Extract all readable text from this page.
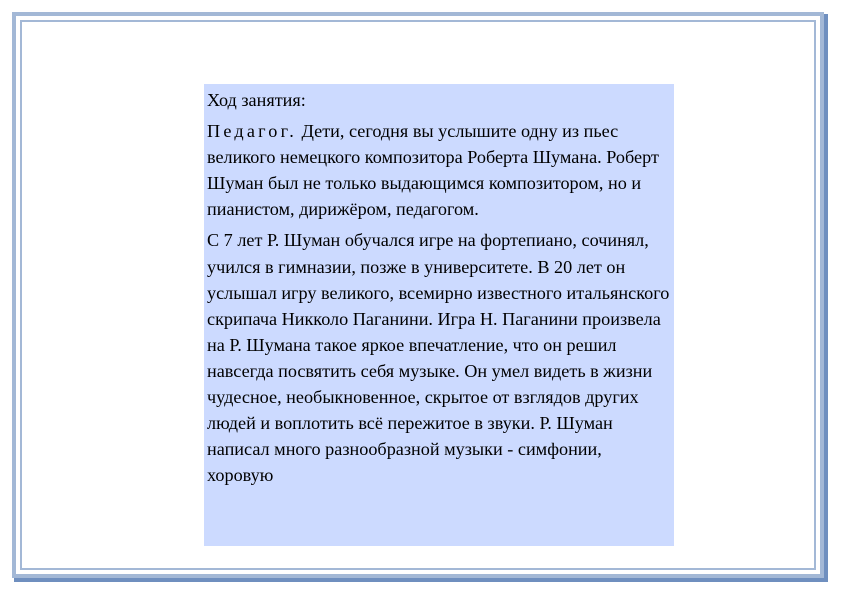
Ход занятия:

Педагог. Дети, сегодня вы услышите одну из пьес великого немецкого композитора Роберта Шумана. Роберт Шуман был не только выдающимся композитором, но и пианистом, дирижёром, педагогом.

С 7 лет Р. Шуман обучался игре на фортепиано, сочинял, учился в гимназии, позже в университете. В 20 лет он услышал игру великого, всемирно известного итальянского скрипача Никколо Паганини. Игра Н. Паганини произвела на Р. Шумана такое яркое впечатление, что он решил навсегда посвятить себя музыке. Он умел видеть в жизни чудесное, необыкновенное, скрытое от взглядов других людей и воплотить всё пережитое в звуки. Р. Шуман написал много разнообразной музыки - симфонии, хоровую
